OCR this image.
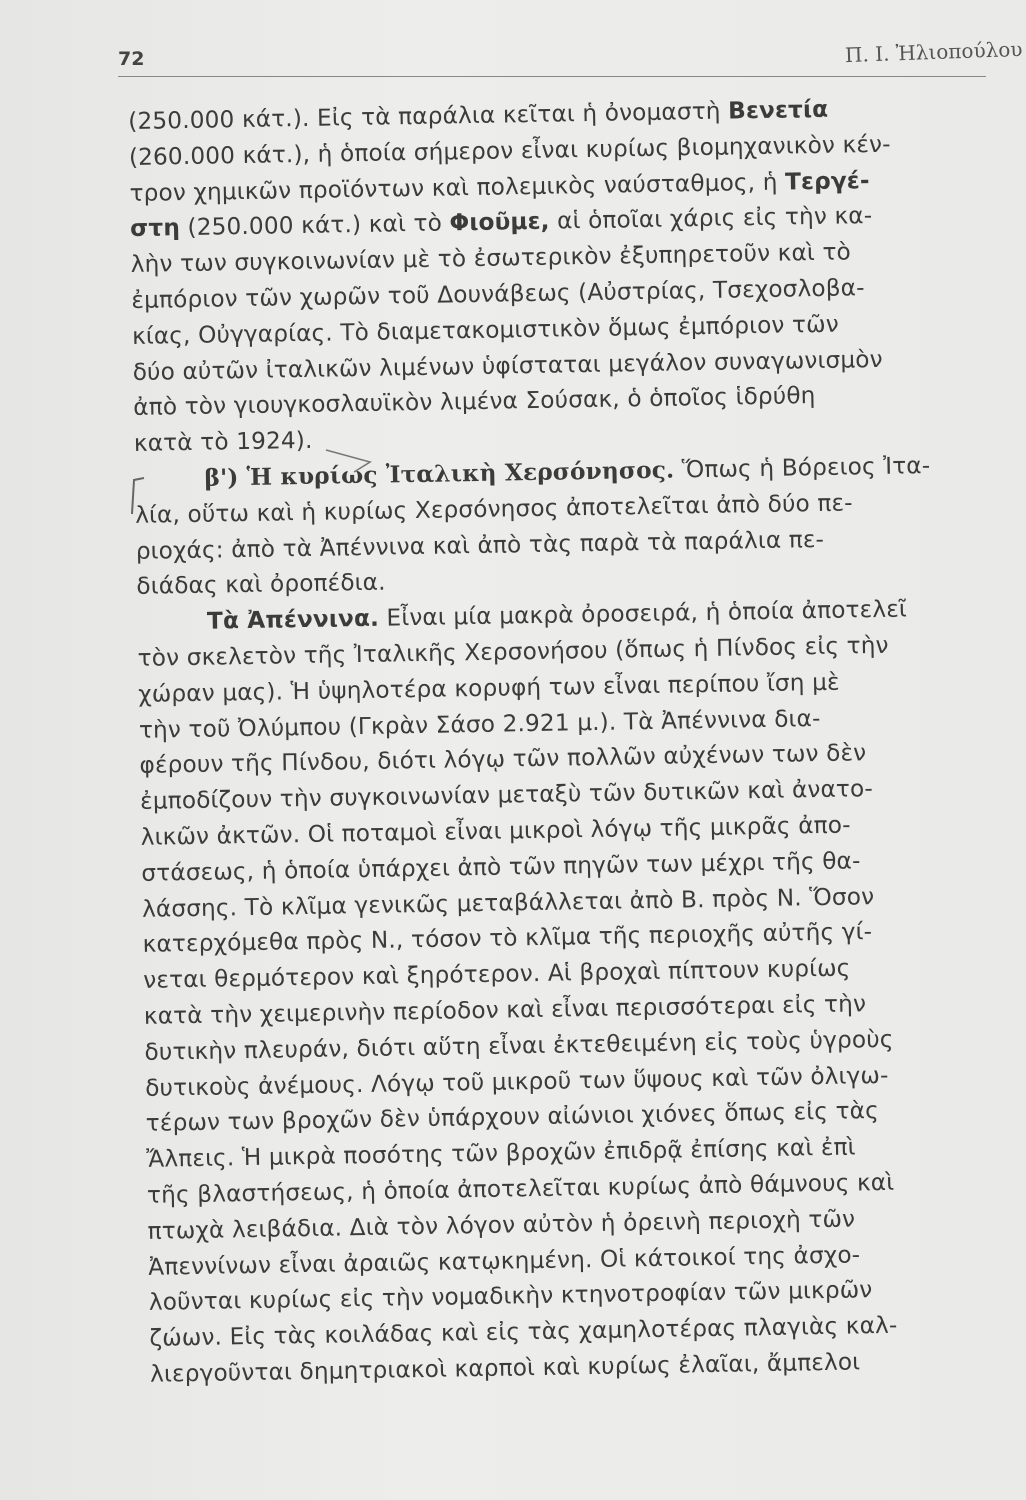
72	Π. Ι. Ἠλιοπούλου
(250.000 κάτ.). Εἰς τὰ παράλια κεῖται ἡ ὀνομαστὴ Βενετία
(260.000 κάτ.), ἡ ὁποία σήμερον εἶναι κυρίως βιομηχανικὸν κέν-
τρον χημικῶν προϊόντων καὶ πολεμικὸς ναύσταθμος, ἡ Τεργέ-
στη (250.000 κάτ.) καὶ τὸ Φιοῦμε, αἱ ὁποῖαι χάρις εἰς τὴν κα-
λὴν των συγκοινωνίαν μὲ τὸ ἐσωτερικὸν ἐξυπηρετοῦν καὶ τὸ
ἐμπόριον τῶν χωρῶν τοῦ Δουνάβεως (Αὐστρίας, Τσεχοσλοβα-
κίας, Οὐγγαρίας. Τὸ διαμετακομιστικὸν ὅμως ἐμπόριον τῶν
δύο αὐτῶν ἰταλικῶν λιμένων ὑφίσταται μεγάλον συναγωνισμὸν
ἀπὸ τὸν γιουγκοσλαυϊκὸν λιμένα Σούσακ, ὁ ὁποῖος ἱδρύθη
κατὰ τὸ 1924).
β') Ἡ κυρίως Ἰταλικὴ Χερσόνησος. Ὅπως ἡ Βόρειος Ἰτα-
λία, οὕτω καὶ ἡ κυρίως Χερσόνησος ἀποτελεῖται ἀπὸ δύο πε-
ριοχάς: ἀπὸ τὰ Ἀπέννινα καὶ ἀπὸ τὰς παρὰ τὰ παράλια πε-
διάδας καὶ ὀροπέδια.
Τὰ Ἀπέννινα. Εἶναι μία μακρὰ ὀροσειρά, ἡ ὁποία ἀποτελεῖ
τὸν σκελετὸν τῆς Ἰταλικῆς Χερσονήσου (ὅπως ἡ Πίνδος εἰς τὴν
χώραν μας). Ἡ ὑψηλοτέρα κορυφή των εἶναι περίπου ἴση μὲ
τὴν τοῦ Ὀλύμπου (Γκρὰν Σάσο 2.921 μ.). Τὰ Ἀπέννινα δια-
φέρουν τῆς Πίνδου, διότι λόγῳ τῶν πολλῶν αὐχένων των δὲν
ἐμποδίζουν τὴν συγκοινωνίαν μεταξὺ τῶν δυτικῶν καὶ ἀνατο-
λικῶν ἀκτῶν. Οἱ ποταμοὶ εἶναι μικροὶ λόγῳ τῆς μικρᾶς ἀπο-
στάσεως, ἡ ὁποία ὑπάρχει ἀπὸ τῶν πηγῶν των μέχρι τῆς θα-
λάσσης. Τὸ κλῖμα γενικῶς μεταβάλλεται ἀπὸ Β. πρὸς Ν. Ὅσον
κατερχόμεθα πρὸς Ν., τόσον τὸ κλῖμα τῆς περιοχῆς αὐτῆς γί-
νεται θερμότερον καὶ ξηρότερον. Αἱ βροχαὶ πίπτουν κυρίως
κατὰ τὴν χειμερινὴν περίοδον καὶ εἶναι περισσότεραι εἰς τὴν
δυτικὴν πλευράν, διότι αὕτη εἶναι ἐκτεθειμένη εἰς τοὺς ὑγροὺς
δυτικοὺς ἀνέμους. Λόγῳ τοῦ μικροῦ των ὕψους καὶ τῶν ὀλιγω-
τέρων των βροχῶν δὲν ὑπάρχουν αἰώνιοι χιόνες ὅπως εἰς τὰς
Ἄλπεις. Ἡ μικρὰ ποσότης τῶν βροχῶν ἐπιδρᾷ ἐπίσης καὶ ἐπὶ
τῆς βλαστήσεως, ἡ ὁποία ἀποτελεῖται κυρίως ἀπὸ θάμνους καὶ
πτωχὰ λειβάδια. Διὰ τὸν λόγον αὐτὸν ἡ ὀρεινὴ περιοχὴ τῶν
Ἀπεννίνων εἶναι ἀραιῶς κατῳκημένη. Οἱ κάτοικοί της ἀσχο-
λοῦνται κυρίως εἰς τὴν νομαδικὴν κτηνοτροφίαν τῶν μικρῶν
ζώων. Εἰς τὰς κοιλάδας καὶ εἰς τὰς χαμηλοτέρας πλαγιὰς καλ-
λιεργοῦνται δημητριακοὶ καρποὶ καὶ κυρίως ἐλαῖαι, ἄμπελοι
